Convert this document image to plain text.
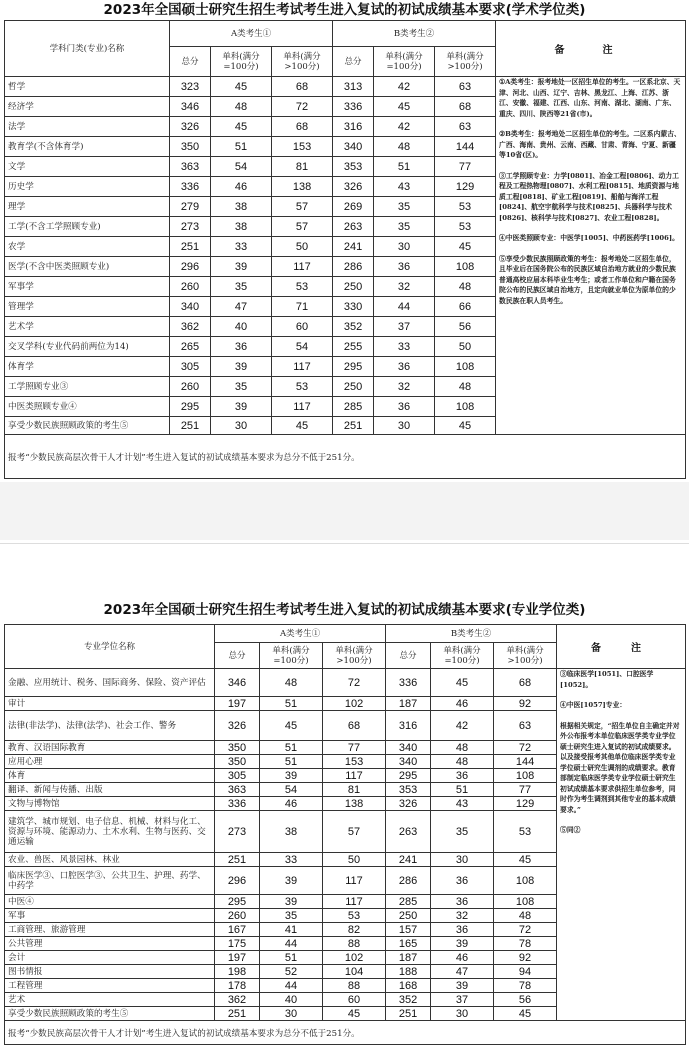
2023年全国硕士研究生招生考试考生进入复试的初试成绩基本要求(学术学位类)
学科门类(专业)名称	A类考生①			B类考生②			备　注
	总分	单科(满分=100分)	单科(满分>100分)	总分	单科(满分=100分)	单科(满分>100分)	
哲学	323	45	68	313	42	63	①A类考生：报考地处一区招生单位的考生。一区系北京、天津、河北、山西、辽宁、吉林、黑龙江、上海、江苏、浙江、安徽、福建、江西、山东、河南、湖北、湖南、广东、重庆、四川、陕西等21省(市)。

②B类考生：报考地处二区招生单位的考生。二区系内蒙古、广西、海南、贵州、云南、西藏、甘肃、青海、宁夏、新疆等10省(区)。

③工学照顾专业：力学[0801]、冶金工程[0806]、动力工程及工程热物理[0807]、水利工程[0815]、地质资源与地质工程[0818]、矿业工程[0819]、船舶与海洋工程[0824]、航空宇航科学与技术[0825]、兵器科学与技术[0826]、核科学与技术[0827]、农业工程[0828]。

④中医类照顾专业：中医学[1005]、中药医药学[1006]。

⑤享受少数民族照顾政策的考生：报考地处二区招生单位，且毕业后在国务院公布的民族区域自治地方就业的少数民族普通高校应届本科毕业生考生；或者工作单位和户籍在国务院公布的民族区域自治地方，且定向就业单位为原单位的少数民族在职人员考生。

经济学	346	48	72	336	45	68	
法学	326	45	68	316	42	63	
教育学(不含体育学)	350	51	153	340	48	144	
文学	363	54	81	353	51	77	
历史学	336	46	138	326	43	129	
理学	279	38	57	269	35	53	
工学(不含工学照顾专业)	273	38	57	263	35	53	
农学	251	33	50	241	30	45	
医学(不含中医类照顾专业)	296	39	117	286	36	108	
军事学	260	35	53	250	32	48	
管理学	340	47	71	330	44	66	
艺术学	362	40	60	352	37	56	
交叉学科(专业代码前两位为14)	265	36	54	255	33	50	
体育学	305	39	117	295	36	108	
工学照顾专业③	260	35	53	250	32	48	
中医类照顾专业④	295	39	117	285	36	108	
享受少数民族照顾政策的考生⑤	251	30	45	251	30	45	
报考“少数民族高层次骨干人才计划”考生进入复试的初试成绩基本要求为总分不低于251分。							
2023年全国硕士研究生招生考试考生进入复试的初试成绩基本要求(专业学位类)
专业学位名称	A类考生①			B类考生②			备　注
	总分	单科(满分=100分)	单科(满分>100分)	总分	单科(满分=100分)	单科(满分>100分)	
金融、应用统计、税务、国际商务、保险、资产评估	346	48	72	336	45	68	③临床医学[1051]、口腔医学[1052]。

④中医[1057]专业：

根据相关规定，“招生单位自主确定并对外公布报考本单位临床医学类专业学位硕士研究生进入复试的初试成绩要求。以及接受报考其他单位临床医学类专业学位硕士研究生调剂的成绩要求。教育部制定临床医学类专业学位硕士研究生初试成绩基本要求供招生单位参考，同时作为考生调剂到其他专业的基本成绩要求。”

⑤同②

审计	197	51	102	187	46	92	
法律(非法学)、法律(法学)、社会工作、警务	326	45	68	316	42	63	
教育、汉语国际教育	350	51	77	340	48	72	
应用心理	350	51	153	340	48	144	
体育	305	39	117	295	36	108	
翻译、新闻与传播、出版	363	54	81	353	51	77	
文物与博物馆	336	46	138	326	43	129	
建筑学、城市规划、电子信息、机械、材料与化工、资源与环境、能源动力、土木水利、生物与医药、交通运输	273	38	57	263	35	53	
农业、兽医、风景园林、林业	251	33	50	241	30	45	
临床医学③、口腔医学③、公共卫生、护理、药学、中药学	296	39	117	286	36	108	
中医④	295	39	117	285	36	108	
军事	260	35	53	250	32	48	
工商管理、旅游管理	167	41	82	157	36	72	
公共管理	175	44	88	165	39	78	
会计	197	51	102	187	46	92	
图书情报	198	52	104	188	47	94	
工程管理	178	44	88	168	39	78	
艺术	362	40	60	352	37	56	
享受少数民族照顾政策的考生⑤	251	30	45	251	30	45	
报考“少数民族高层次骨干人才计划”考生进入复试的初试成绩基本要求为总分不低于251分。							
